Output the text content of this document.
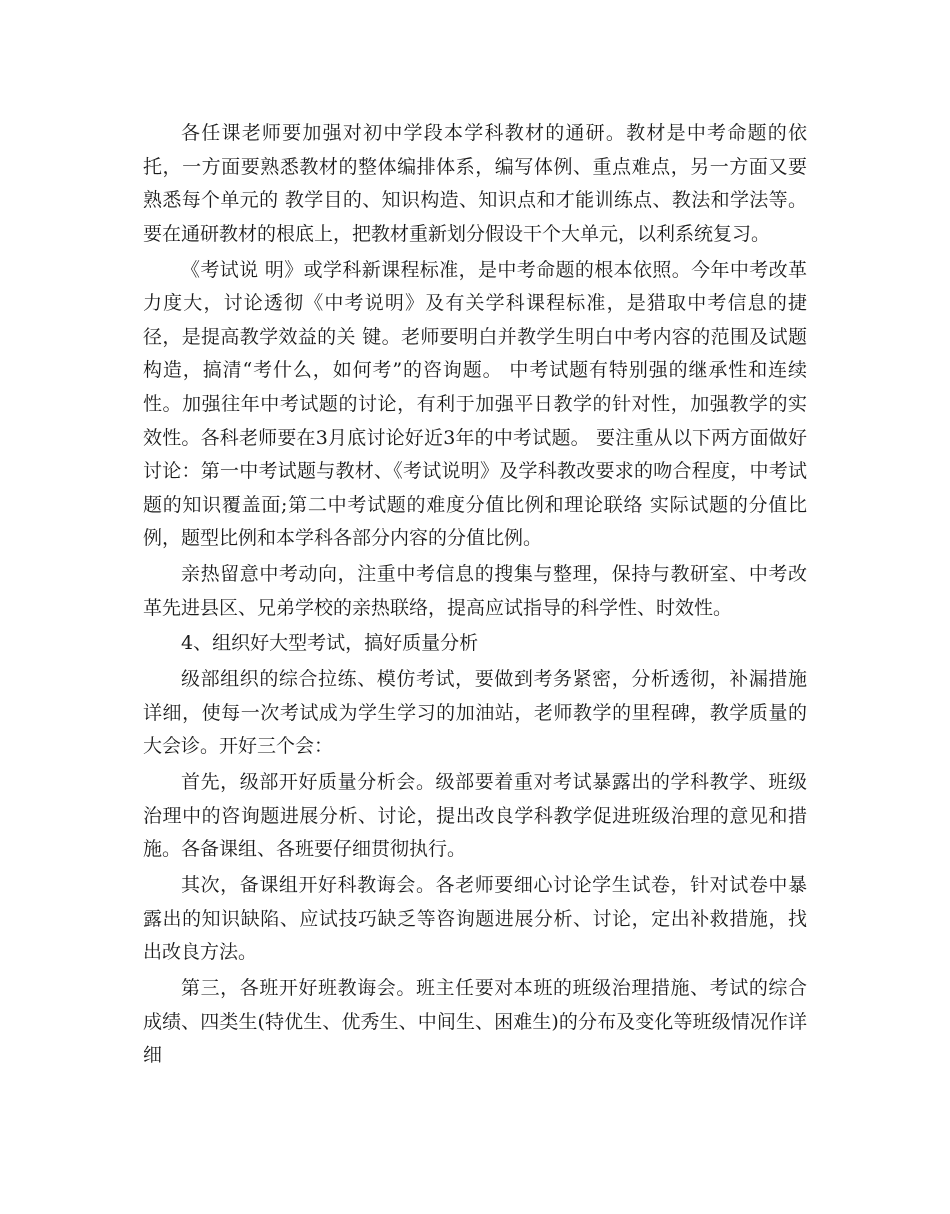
各任课老师要加强对初中学段本学科教材的通研。教材是中考命题的依托，一方面要熟悉教材的整体编排体系，编写体例、重点难点，另一方面又要熟悉每个单元的 教学目的、知识构造、知识点和才能训练点、教法和学法等。要在通研教材的根底上，把教材重新划分假设干个大单元，以利系统复习。

《考试说 明》或学科新课程标准，是中考命题的根本依照。今年中考改革力度大，讨论透彻《中考说明》及有关学科课程标准，是猎取中考信息的捷径，是提高教学效益的关 键。老师要明白并教学生明白中考内容的范围及试题构造，搞清“考什么，如何考”的咨询题。 中考试题有特别强的继承性和连续性。加强往年中考试题的讨论，有利于加强平日教学的针对性，加强教学的实效性。各科老师要在3月底讨论好近3年的中考试题。 要注重从以下两方面做好讨论：第一中考试题与教材、《考试说明》及学科教改要求的吻合程度，中考试题的知识覆盖面;第二中考试题的难度分值比例和理论联络 实际试题的分值比例，题型比例和本学科各部分内容的分值比例。

亲热留意中考动向，注重中考信息的搜集与整理，保持与教研室、中考改革先进县区、兄弟学校的亲热联络，提高应试指导的科学性、时效性。

4、组织好大型考试，搞好质量分析

级部组织的综合拉练、模仿考试，要做到考务紧密，分析透彻，补漏措施详细，使每一次考试成为学生学习的加油站，老师教学的里程碑，教学质量的大会诊。开好三个会：

首先，级部开好质量分析会。级部要着重对考试暴露出的学科教学、班级治理中的咨询题进展分析、讨论，提出改良学科教学促进班级治理的意见和措施。各备课组、各班要仔细贯彻执行。

其次，备课组开好科教诲会。各老师要细心讨论学生试卷，针对试卷中暴露出的知识缺陷、应试技巧缺乏等咨询题进展分析、讨论，定出补救措施，找出改良方法。

第三，各班开好班教诲会。班主任要对本班的班级治理措施、考试的综合成绩、四类生(特优生、优秀生、中间生、困难生)的分布及变化等班级情况作详细
